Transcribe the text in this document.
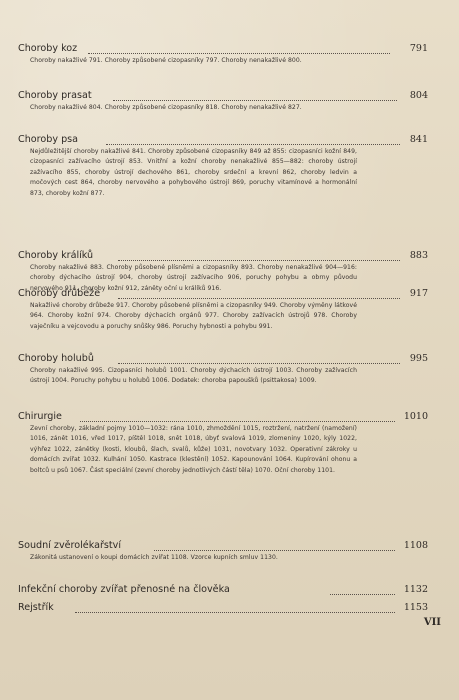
Choroby koz	791
Choroby nakažlivé 791. Choroby způsobené cizopasníky 797. Choroby nenakažlivé 800.
Choroby prasat	804
Choroby nakažlivé 804. Choroby způsobené cizopasníky 818. Choroby nenakažlivé 827.
Choroby psa	841
Nejdůležitější choroby nakažlivé 841. Choroby způsobené cizopasníky 849 až 855: cizopasníci kožní 849, cizopasníci zažívacího ústrojí 853. Vnitřní a kožní choroby nenakažlivé 855—882: choroby ústrojí zažívacího 855, choroby ústrojí dechového 861, choroby srdeční a krevní 862, choroby ledvin a močových cest 864, choroby nervového a pohybového ústrojí 869, poruchy vitamínové a hormonální 873, choroby kožní 877.
Choroby králíků	883
Choroby nakažlivé 883. Choroby působené plísněmi a cizopasníky 893. Choroby nenakažlivé 904—916: choroby dýchacího ústrojí 904, choroby ústrojí zažívacího 906, poruchy pohybu a obrny původu nervového 911, choroby kožní 912, záněty oční u králíků 916.
Choroby drůbeže	917
Nakažlivé choroby drůbeže 917. Choroby působené plísněmi a cizopasníky 949. Choroby výměny látkové 964. Choroby kožní 974. Choroby dýchacích orgánů 977. Choroby zažívacích ústrojů 978. Choroby vaječníku a vejcovodu a poruchy snůšky 986. Poruchy hybnosti a pohybu 991.
Choroby holubů	995
Choroby nakažlivé 995. Cizopasníci holubů 1001. Choroby dýchacích ústrojí 1003. Choroby zažívacích ústrojí 1004. Poruchy pohybu u holubů 1006. Dodatek: choroba papoušků (psittakosa) 1009.
Chirurgie	1010
Zevní choroby, základní pojmy 1010—1032: rána 1010, zhmoždění 1015, roztržení, natržení (namožení) 1016, zánět 1016, vřed 1017, píštěl 1018, snět 1018, úbyť svalová 1019, zlomeniny 1020, kýly 1022, výhřez 1022, zánětky (kosti, kloubů, šlach, svalů, kůže) 1031, novotvary 1032. Operativní zákroky u domácích zvířat 1032. Kulhání 1050. Kastrace (klestění) 1052. Kapounování 1064. Kupírování ohonu a boltců u psů 1067. Část speciální (zevní choroby jednotlivých částí těla) 1070. Oční choroby 1101.
Soudní zvěrolékařství	1108
Zákonitá ustanovení o koupi domácích zvířat 1108. Vzorce kupních smluv 1130.
Infekční choroby zvířat přenosné na člověka	1132
Rejstřík	1153
VII
